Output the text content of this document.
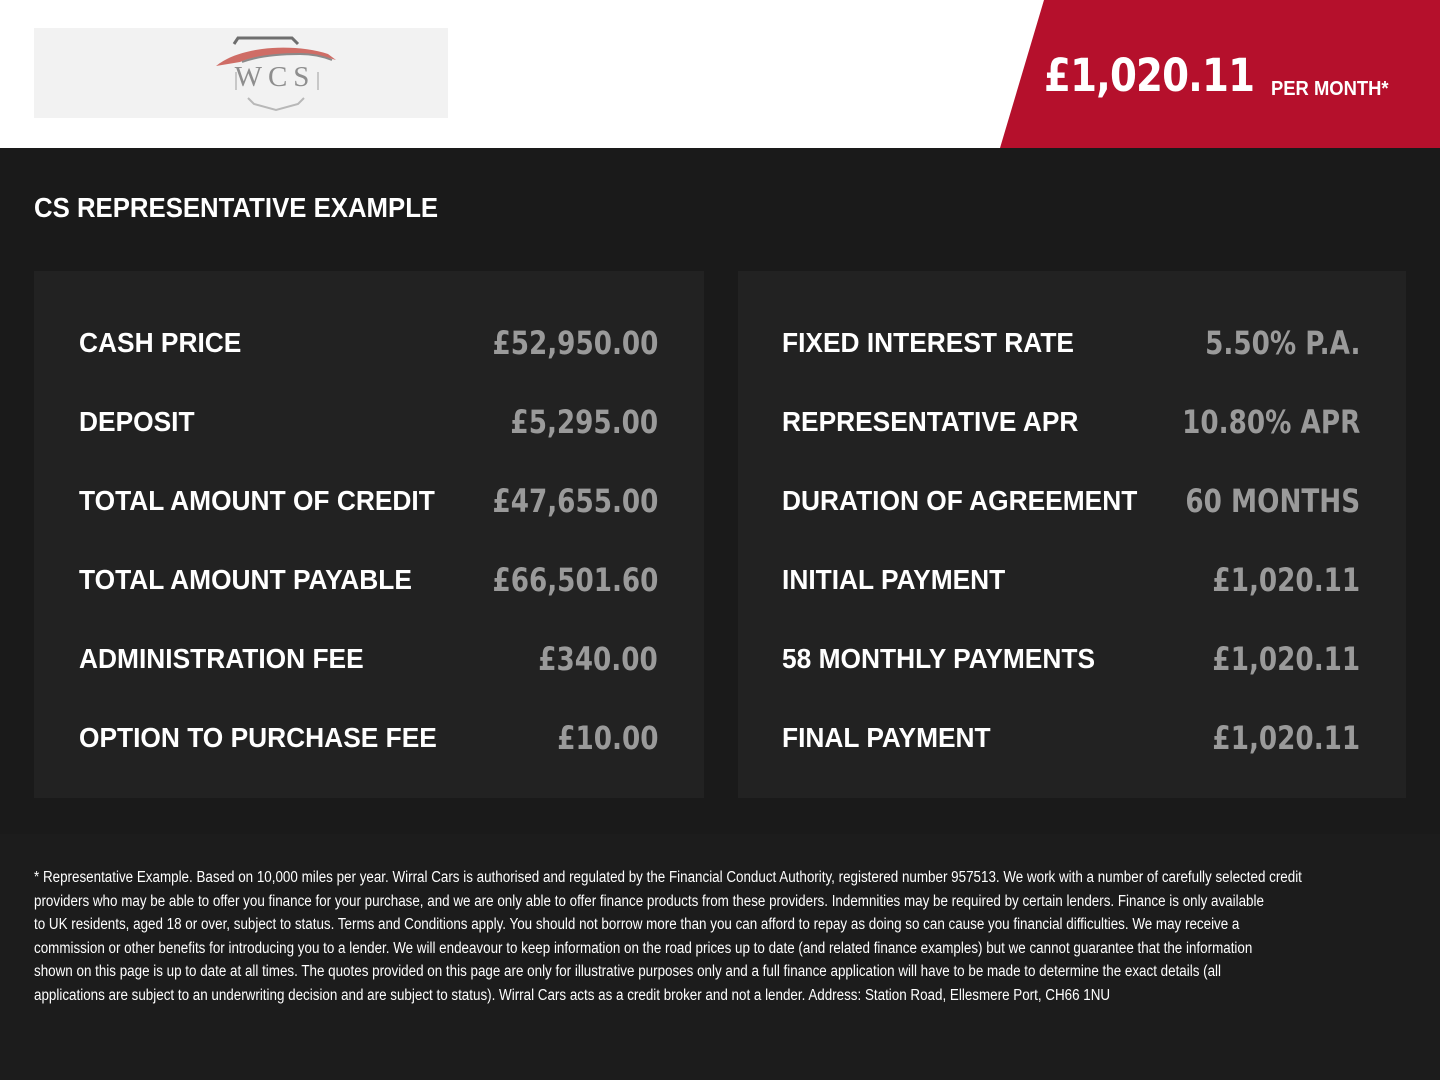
WCS	£1,020.11 PER MONTH*
CS REPRESENTATIVE EXAMPLE
CASH PRICE	£52,950.00
DEPOSIT	£5,295.00
TOTAL AMOUNT OF CREDIT £47,655.00
TOTAL AMOUNT PAYABLE	£66,501.60
ADMINISTRATION FEE	£340.00
OPTION TO PURCHASE FEE	£10.00
FIXED INTEREST RATE	5.50% P.A.
REPRESENTATIVE APR	10.80% APR
DURATION OF AGREEMENT 60 MONTHS
INITIAL PAYMENT	£1,020.11
58 MONTHLY PAYMENTS	£1,020.11
FINAL PAYMENT	£1,020.11

* Representative Example. Based on 10,000 miles per year. Wirral Cars is authorised and regulated by the Financial Conduct Authority, registered number 957513. We work with a number of carefully selected credit
providers who may be able to offer you finance for your purchase, and we are only able to offer finance products from these providers. Indemnities may be required by certain lenders. Finance is only available
to UK residents, aged 18 or over, subject to status. Terms and Conditions apply. You should not borrow more than you can afford to repay as doing so can cause you financial difficulties. We may receive a
commission or other benefits for introducing you to a lender. We will endeavour to keep information on the road prices up to date (and related finance examples) but we cannot guarantee that the information
shown on this page is up to date at all times. The quotes provided on this page are only for illustrative purposes only and a full finance application will have to be made to determine the exact details (all
applications are subject to an underwriting decision and are subject to status). Wirral Cars acts as a credit broker and not a lender. Address: Station Road, Ellesmere Port, CH66 1NU
